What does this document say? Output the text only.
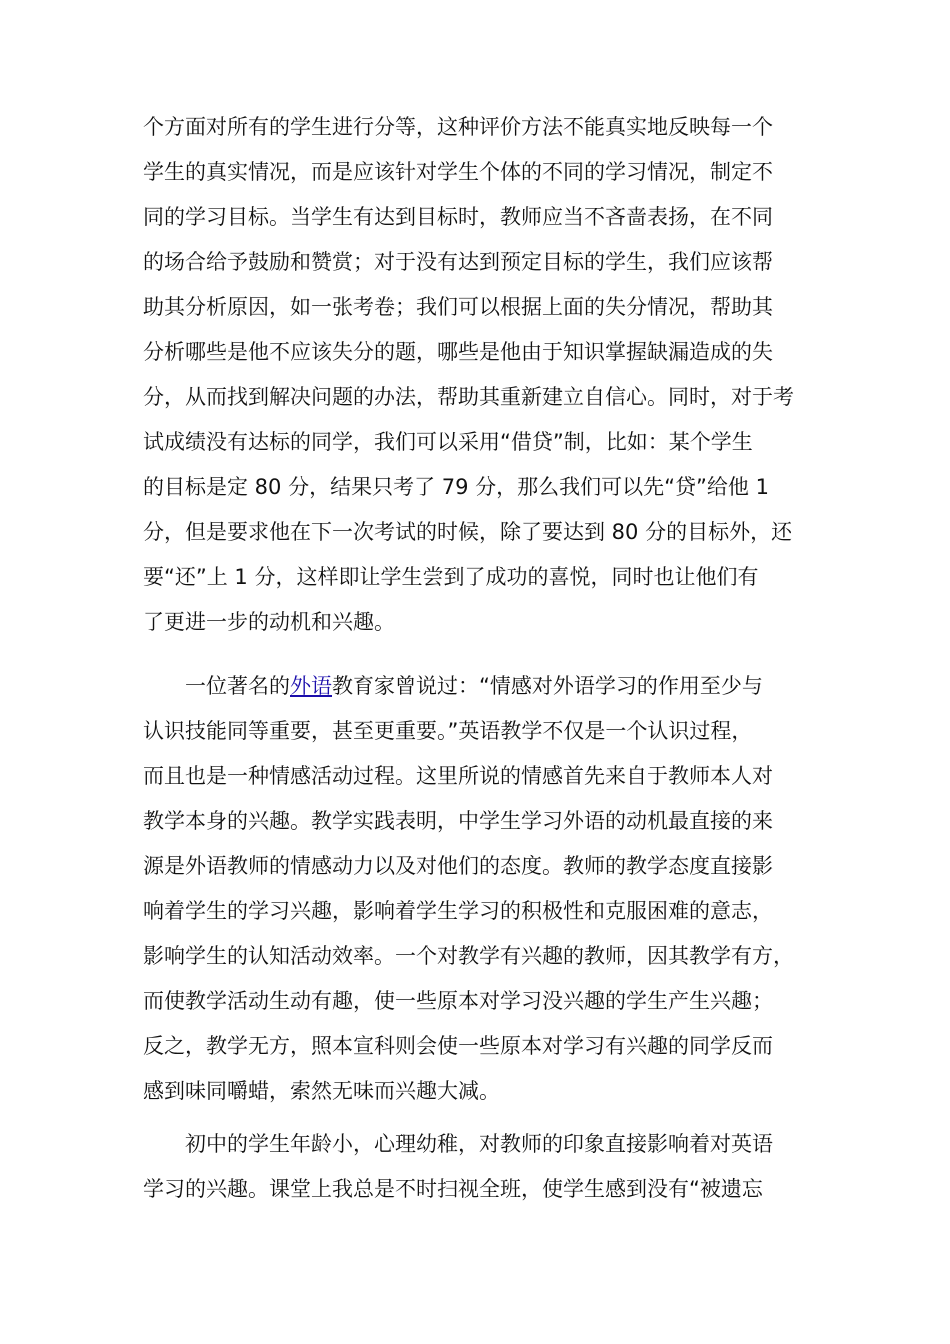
个方面对所有的学生进行分等，这种评价方法不能真实地反映每一个
学生的真实情况，而是应该针对学生个体的不同的学习情况，制定不
同的学习目标。当学生有达到目标时，教师应当不吝啬表扬，在不同
的场合给予鼓励和赞赏；对于没有达到预定目标的学生，我们应该帮
助其分析原因，如一张考卷；我们可以根据上面的失分情况，帮助其
分析哪些是他不应该失分的题，哪些是他由于知识掌握缺漏造成的失
分，从而找到解决问题的办法，帮助其重新建立自信心。同时，对于考
试成绩没有达标的同学，我们可以采用“借贷”制，比如：某个学生
的目标是定 80 分，结果只考了 79 分，那么我们可以先“贷”给他 1
分，但是要求他在下一次考试的时候，除了要达到 80 分的目标外，还
要“还”上 1 分，这样即让学生尝到了成功的喜悦，同时也让他们有
了更进一步的动机和兴趣。
一位著名的外语教育家曾说过：“情感对外语学习的作用至少与
认识技能同等重要，甚至更重要。”英语教学不仅是一个认识过程，
而且也是一种情感活动过程。这里所说的情感首先来自于教师本人对
教学本身的兴趣。教学实践表明，中学生学习外语的动机最直接的来
源是外语教师的情感动力以及对他们的态度。教师的教学态度直接影
响着学生的学习兴趣，影响着学生学习的积极性和克服困难的意志，
影响学生的认知活动效率。一个对教学有兴趣的教师，因其教学有方，
而使教学活动生动有趣，使一些原本对学习没兴趣的学生产生兴趣；
反之，教学无方，照本宣科则会使一些原本对学习有兴趣的同学反而
感到味同嚼蜡，索然无味而兴趣大减。
初中的学生年龄小，心理幼稚，对教师的印象直接影响着对英语
学习的兴趣。课堂上我总是不时扫视全班，使学生感到没有“被遗忘
